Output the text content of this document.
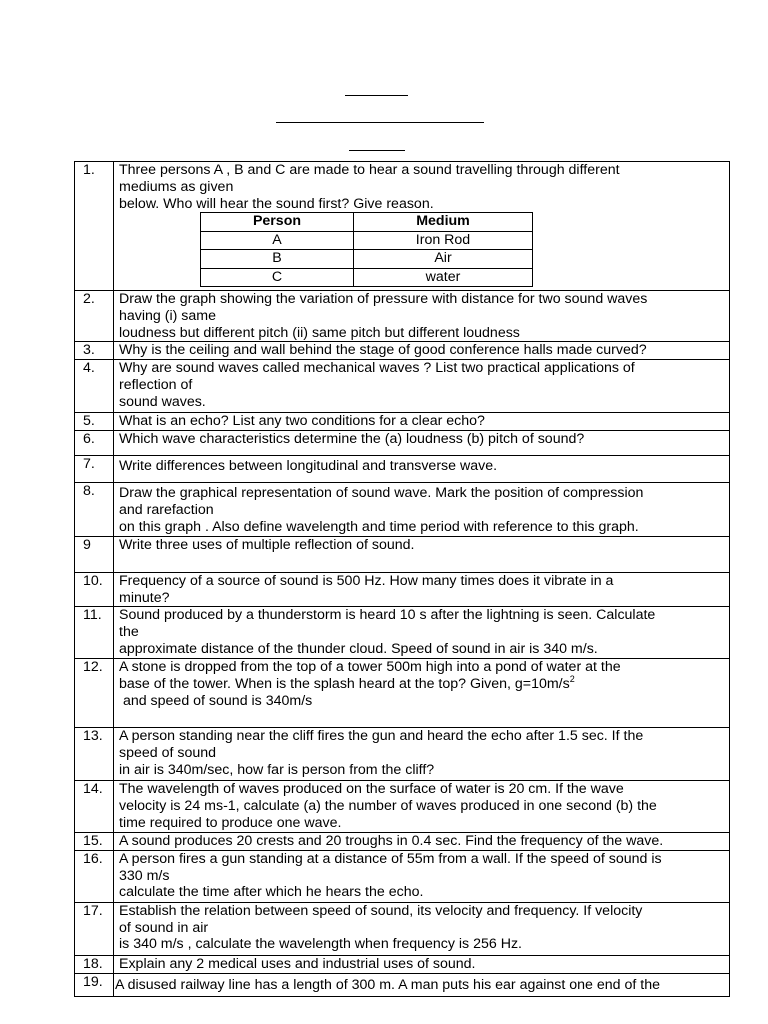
1.	Three persons A , B and C are made to hear a sound travelling through different
mediums as given
below. Who will hear the sound first? Give reason.
Person	Medium
A	Iron Rod
B	Air
C	water

2.	Draw the graph showing the variation of pressure with distance for two sound waves
having (i) same
loudness but different pitch (ii) same pitch but different loudness

3.	Why is the ceiling and wall behind the stage of good conference halls made curved?

4.	Why are sound waves called mechanical waves ? List two practical applications of
reflection of
sound waves.

5.	What is an echo? List any two conditions for a clear echo?

6.	Which wave characteristics determine the (a) loudness (b) pitch of sound?

7.	Write differences between longitudinal and transverse wave.

8.	Draw the graphical representation of sound wave. Mark the position of compression
and rarefaction
on this graph . Also define wavelength and time period with reference to this graph.

9	Write three uses of multiple reflection of sound.

10.	Frequency of a source of sound is 500 Hz. How many times does it vibrate in a
minute?

11.	Sound produced by a thunderstorm is heard 10 s after the lightning is seen. Calculate
the
approximate distance of the thunder cloud. Speed of sound in air is 340 m/s.

12.	A stone is dropped from the top of a tower 500m high into a pond of water at the
base of the tower. When is the splash heard at the top? Given, $g=10m/s^2$
and speed of sound is 340m/s

13.	A person standing near the cliff fires the gun and heard the echo after 1.5 sec. If the
speed of sound
in air is 340m/sec, how far is person from the cliff?

14.	The wavelength of waves produced on the surface of water is 20 cm. If the wave
velocity is 24 ms-1, calculate (a) the number of waves produced in one second (b) the
time required to produce one wave.

15.	A sound produces 20 crests and 20 troughs in 0.4 sec. Find the frequency of the wave.

16.	A person fires a gun standing at a distance of 55m from a wall. If the speed of sound is
330 m/s
calculate the time after which he hears the echo.

17.	Establish the relation between speed of sound, its velocity and frequency. If velocity
of sound in air
is 340 m/s , calculate the wavelength when frequency is 256 Hz.

18.	Explain any 2 medical uses and industrial uses of sound.

19.	A disused railway line has a length of 300 m. A man puts his ear against one end of the
